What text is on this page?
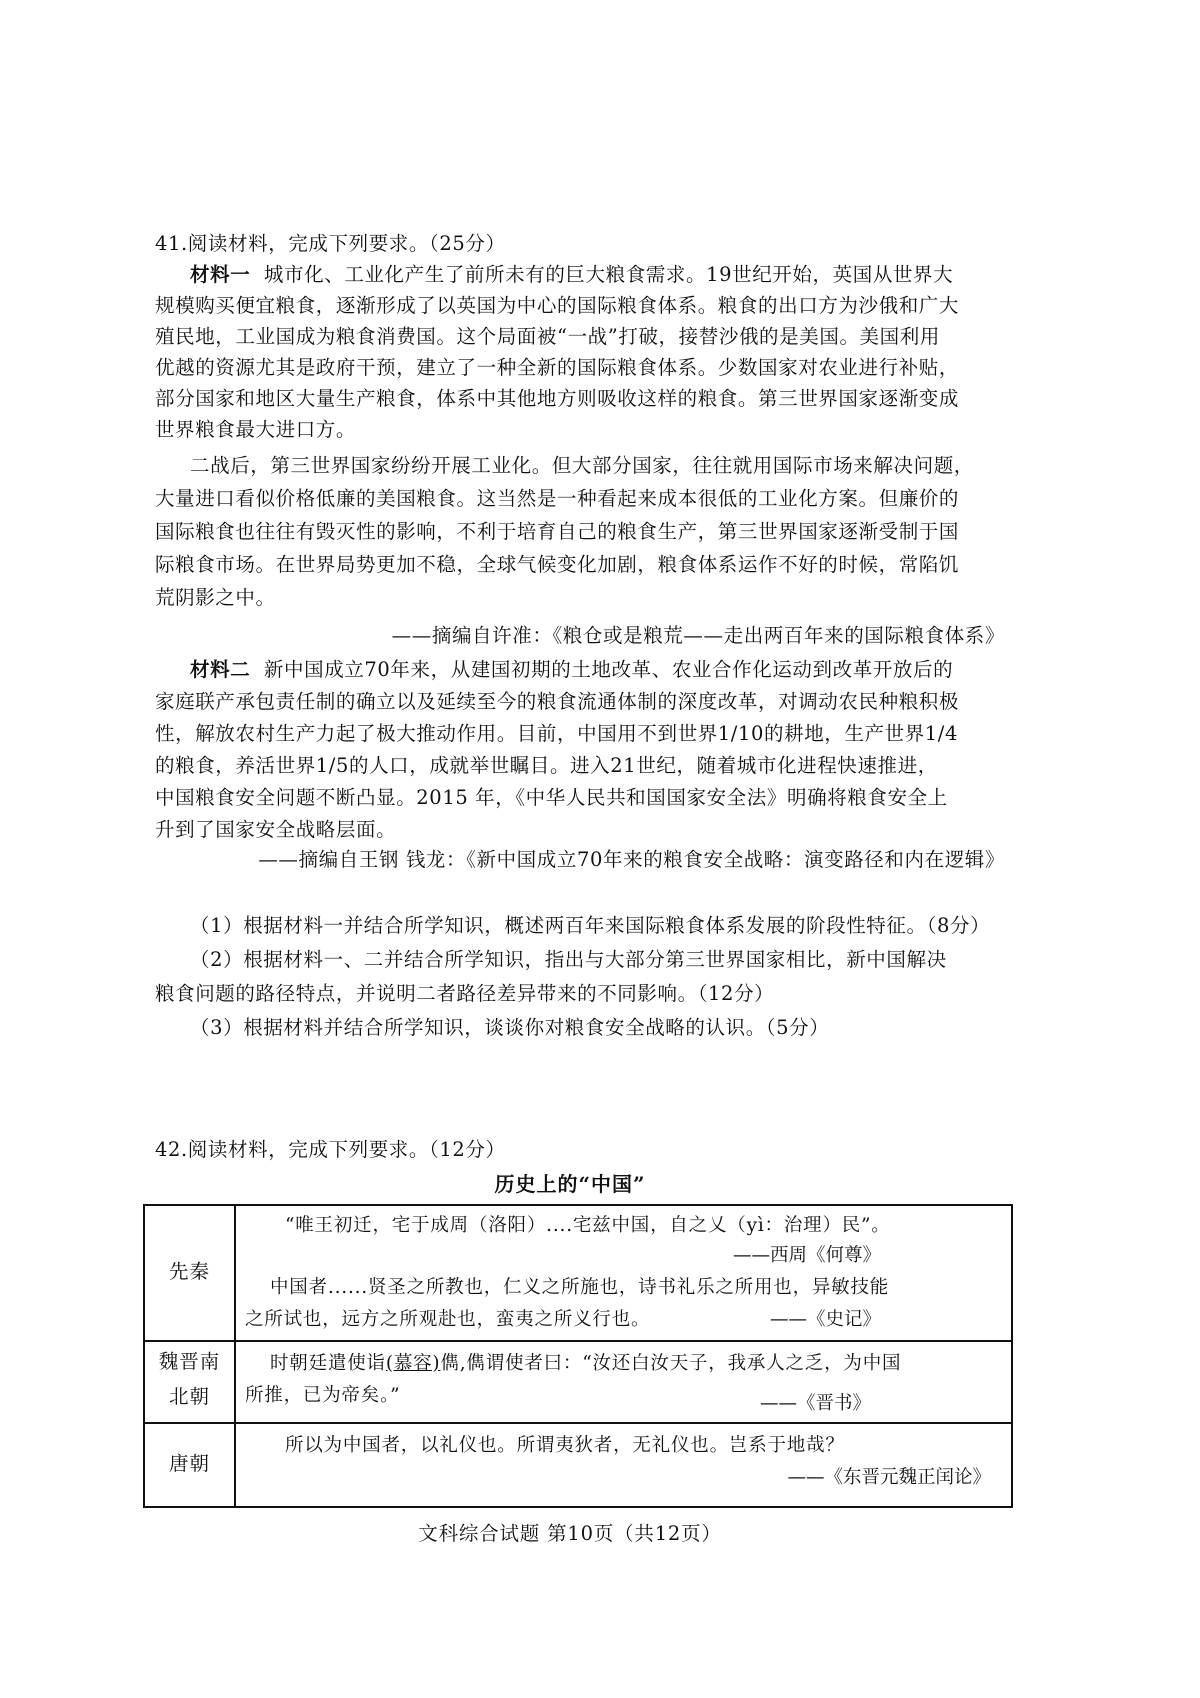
41.阅读材料，完成下列要求。（25分）
材料一 城市化、工业化产生了前所未有的巨大粮食需求。19世纪开始，英国从世界大
规模购买便宜粮食，逐渐形成了以英国为中心的国际粮食体系。粮食的出口方为沙俄和广大
殖民地，工业国成为粮食消费国。这个局面被“一战”打破，接替沙俄的是美国。美国利用
优越的资源尤其是政府干预，建立了一种全新的国际粮食体系。少数国家对农业进行补贴，
部分国家和地区大量生产粮食，体系中其他地方则吸收这样的粮食。第三世界国家逐渐变成
世界粮食最大进口方。
二战后，第三世界国家纷纷开展工业化。但大部分国家，往往就用国际市场来解决问题，
大量进口看似价格低廉的美国粮食。这当然是一种看起来成本很低的工业化方案。但廉价的
国际粮食也往往有毁灭性的影响，不利于培育自己的粮食生产，第三世界国家逐渐受制于国
际粮食市场。在世界局势更加不稳，全球气候变化加剧，粮食体系运作不好的时候，常陷饥
荒阴影之中。
——摘编自许准：《粮仓或是粮荒——走出两百年来的国际粮食体系》
材料二 新中国成立70年来，从建国初期的土地改革、农业合作化运动到改革开放后的
家庭联产承包责任制的确立以及延续至今的粮食流通体制的深度改革，对调动农民种粮积极
性，解放农村生产力起了极大推动作用。目前，中国用不到世界1/10的耕地，生产世界1/4
的粮食，养活世界1/5的人口，成就举世瞩目。进入21世纪，随着城市化进程快速推进，
中国粮食安全问题不断凸显。2015 年，《中华人民共和国国家安全法》明确将粮食安全上
升到了国家安全战略层面。
——摘编自王钢 钱龙：《新中国成立70年来的粮食安全战略：演变路径和内在逻辑》
（1）根据材料一并结合所学知识，概述两百年来国际粮食体系发展的阶段性特征。（8分）
（2）根据材料一、二并结合所学知识，指出与大部分第三世界国家相比，新中国解决
粮食问题的路径特点，并说明二者路径差异带来的不同影响。（12分）
（3）根据材料并结合所学知识，谈谈你对粮食安全战略的认识。（5分）
42.阅读材料，完成下列要求。（12分）
历史上的“中国”
先秦
“唯王初迁，宅于成周（洛阳）....宅兹中国，自之乂（yì：治理）民”。
——西周《何尊》
中国者......贤圣之所教也，仁义之所施也，诗书礼乐之所用也，异敏技能
之所试也，远方之所观赴也，蛮夷之所义行也。	——《史记》
魏晋南
北朝
时朝廷遣使诣(慕容)儁,儁谓使者曰：“汝还白汝天子，我承人之乏，为中国
所推，已为帝矣。”	——《晋书》
唐朝
所以为中国者，以礼仪也。所谓夷狄者，无礼仪也。岂系于地哉？
——《东晋元魏正闰论》
文科综合试题 第10页（共12页）
